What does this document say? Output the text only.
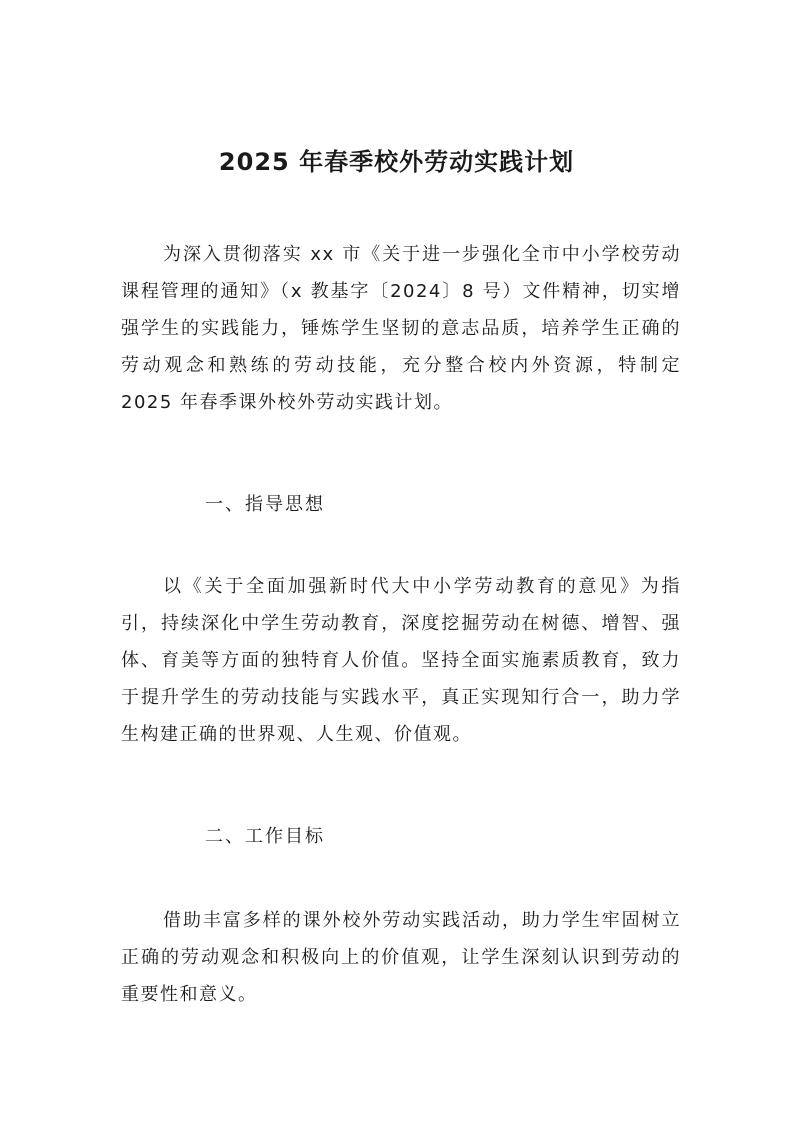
2025 年春季校外劳动实践计划

为深入贯彻落实 xx 市《关于进一步强化全市中小学校劳动课程管理的通知》（x 教基字〔2024〕8 号）文件精神，切实增强学生的实践能力，锤炼学生坚韧的意志品质，培养学生正确的劳动观念和熟练的劳动技能，充分整合校内外资源，特制定 2025 年春季课外校外劳动实践计划。

一、指导思想

以《关于全面加强新时代大中小学劳动教育的意见》为指引，持续深化中学生劳动教育，深度挖掘劳动在树德、增智、强体、育美等方面的独特育人价值。坚持全面实施素质教育，致力于提升学生的劳动技能与实践水平，真正实现知行合一，助力学生构建正确的世界观、人生观、价值观。

二、工作目标

借助丰富多样的课外校外劳动实践活动，助力学生牢固树立正确的劳动观念和积极向上的价值观，让学生深刻认识到劳动的重要性和意义。
